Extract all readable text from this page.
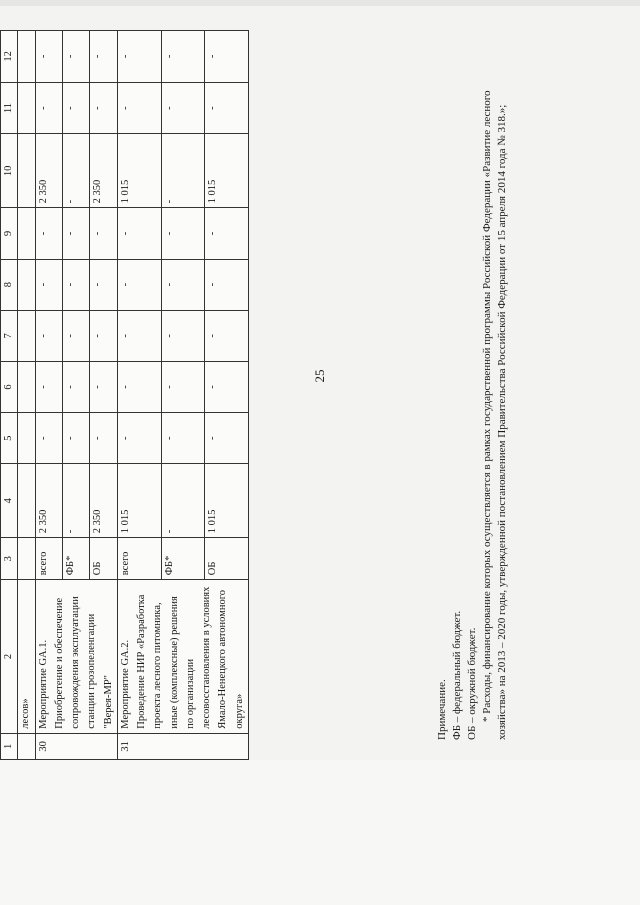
25
1	2	3	4	5	6	7	8	9	10	11	12
	лесов»										
30	Мероприятие GA.1. Приобретение и обеспечение сопровождения эксплуатации станции грозопеленгации "Верея-МР"	всего	2 350	-	-	-	-	-	2 350	-	-
		ФБ*	-	-	-	-	-	-	-	-	-
		ОБ	2 350	-	-	-	-	-	2 350	-	-
31	Мероприятие GA.2. Проведение НИР «Разработка проекта лесного питомника, иные (комплексные) решения по организации лесовосстановления в условиях Ямало-Ненецкого автономного округа»	всего	1 015	-	-	-	-	-	1 015	-	-
		ФБ*	-	-	-	-	-	-	-	-	-
		ОБ	1 015	-	-	-	-	-	1 015	-	-
Примечание. ФБ – федеральный бюджет. ОБ – окружной бюджет. * Расходы, финансирование которых осуществляется в рамках государственной программы Российской Федерации «Развитие лесного хозяйства» на 2013 – 2020 годы, утвержденной постановлением Правительства Российской Федерации от 15 апреля 2014 года № 318.»;
